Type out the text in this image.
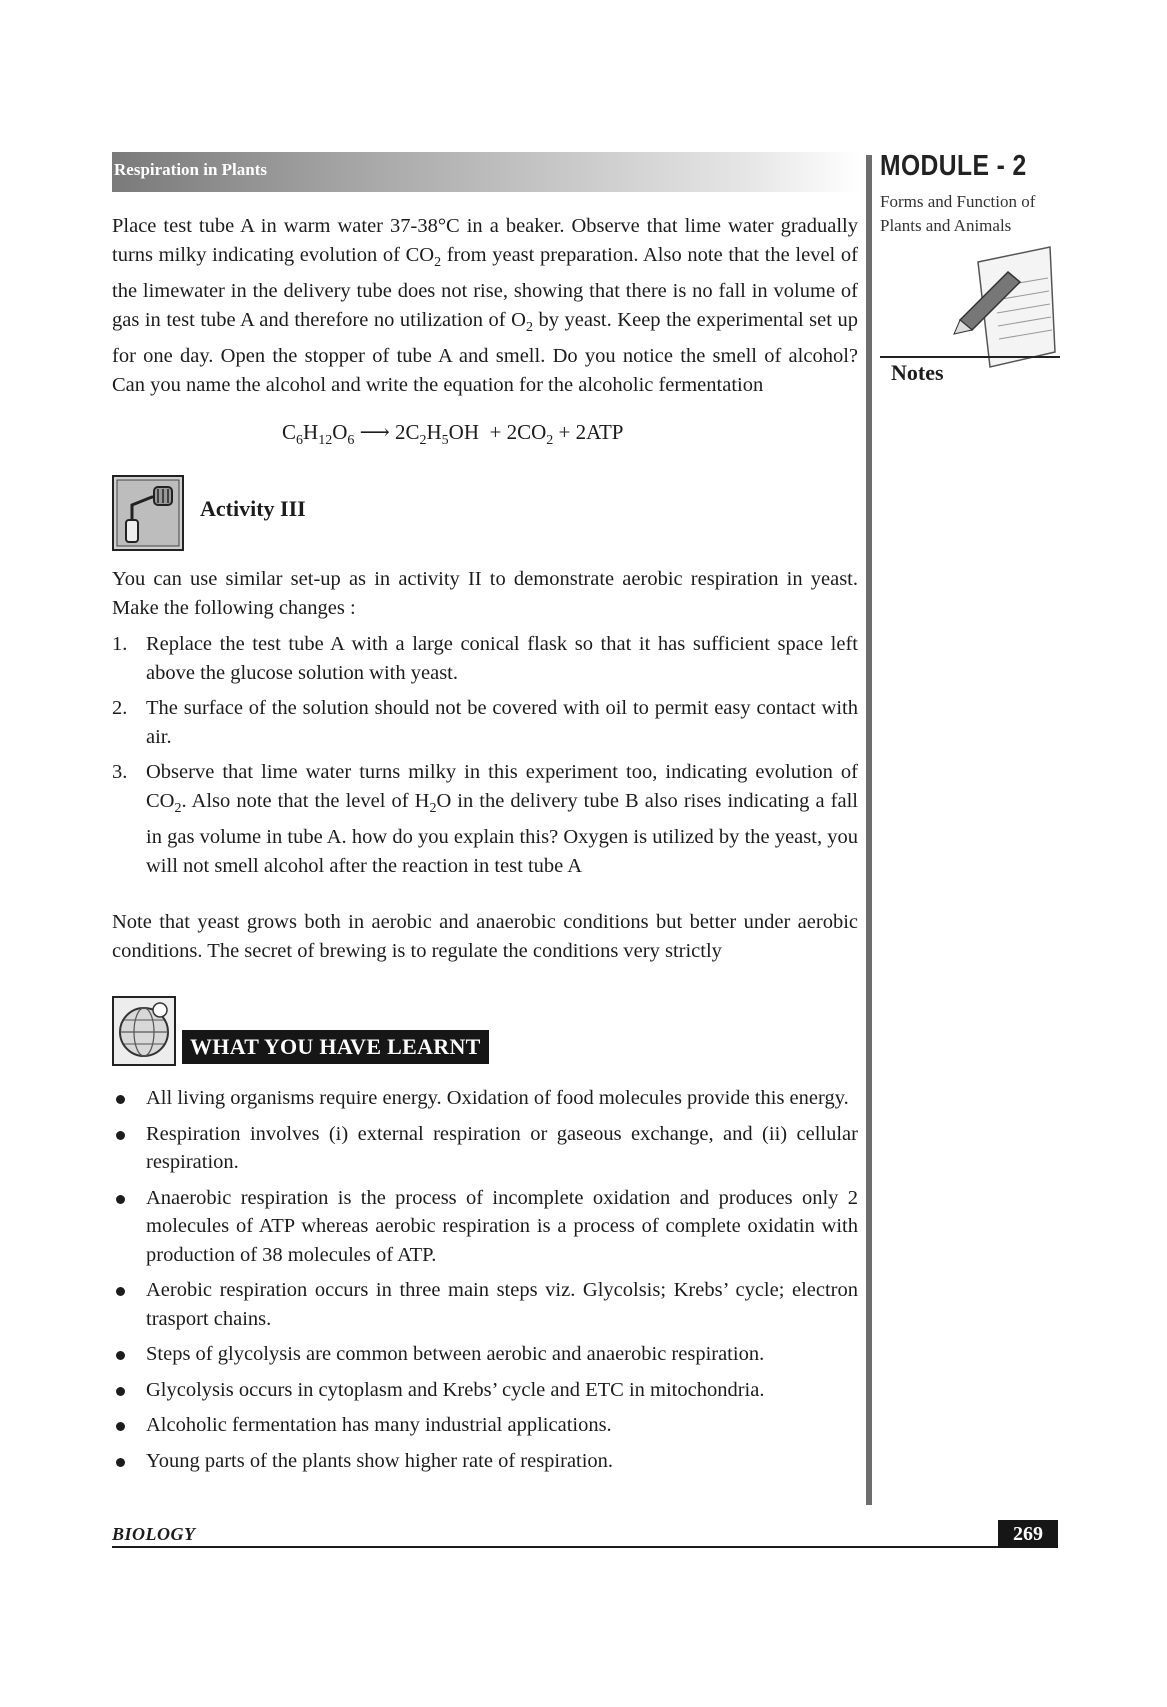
Respiration in Plants	MODULE - 2
Forms and Function of Plants and Animals
Notes
Place test tube A in warm water 37-38°C in a beaker. Observe that lime water gradually turns milky indicating evolution of $CO_2$ from yeast preparation. Also note that the level of the limewater in the delivery tube does not rise, showing that there is no fall in volume of gas in test tube A and therefore no utilization of $O_2$ by yeast. Keep the experimental set up for one day. Open the stopper of tube A and smell. Do you notice the smell of alcohol? Can you name the alcohol and write the equation for the alcoholic fermentation
$C_6H_{12}O_6$ ⟶ $2C_2H_5OH + 2CO_2 + 2ATP$
Activity III
You can use similar set-up as in activity II to demonstrate aerobic respiration in yeast. Make the following changes :
1. Replace the test tube A with a large conical flask so that it has sufficient space left above the glucose solution with yeast.
2. The surface of the solution should not be covered with oil to permit easy contact with air.
3. Observe that lime water turns milky in this experiment too, indicating evolution of $CO_2$. Also note that the level of $H_2O$ in the delivery tube B also rises indicating a fall in gas volume in tube A. how do you explain this? Oxygen is utilized by the yeast, you will not smell alcohol after the reaction in test tube A
Note that yeast grows both in aerobic and anaerobic conditions but better under aerobic conditions. The secret of brewing is to regulate the conditions very strictly
WHAT YOU HAVE LEARNT
All living organisms require energy. Oxidation of food molecules provide this energy.
Respiration involves (i) external respiration or gaseous exchange, and (ii) cellular respiration.
Anaerobic respiration is the process of incomplete oxidation and produces only 2 molecules of ATP whereas aerobic respiration is a process of complete oxidatin with production of 38 molecules of ATP.
Aerobic respiration occurs in three main steps viz. Glycolsis; Krebs’ cycle; electron trasport chains.
Steps of glycolysis are common between aerobic and anaerobic respiration.
Glycolysis occurs in cytoplasm and Krebs’ cycle and ETC in mitochondria.
Alcoholic fermentation has many industrial applications.
Young parts of the plants show higher rate of respiration.
BIOLOGY	269
